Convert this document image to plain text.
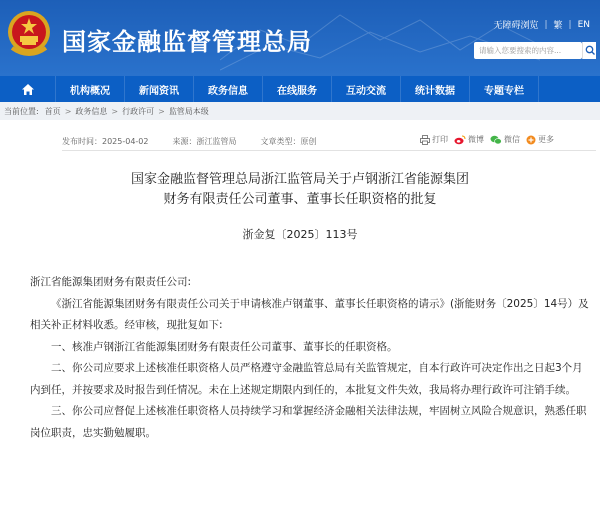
国家金融监督管理总局
无障碍浏览 | 繁 | EN
请输入您要搜索的内容...
机构概况	新闻资讯	政务信息	在线服务	互动交流	统计数据	专题专栏
当前位置: 首页 > 政务信息 > 行政许可 > 监管局本级
发布时间：2025-04-02	来源：浙江监管局	文章类型：原创	打印	微博	微信 更多
国家金融监督管理总局浙江监管局关于卢钢浙江省能源集团
财务有限责任公司董事、董事长任职资格的批复
浙金复〔2025〕113号

浙江省能源集团财务有限责任公司:

《浙江省能源集团财务有限责任公司关于申请核准卢钢董事、董事长任职资格的请示》(浙能财务〔2025〕14号）及相关补正材料收悉。经审核，现批复如下:

一、核准卢钢浙江省能源集团财务有限责任公司董事、董事长的任职资格。

二、你公司应要求上述核准任职资格人员严格遵守金融监管总局有关监管规定，自本行政许可决定作出之日起3个月内到任，并按要求及时报告到任情况。未在上述规定期限内到任的，本批复文件失效，我局将办理行政许可注销手续。

三、你公司应督促上述核准任职资格人员持续学习和掌握经济金融相关法律法规，牢固树立风险合规意识，熟悉任职岗位职责，忠实勤勉履职。
